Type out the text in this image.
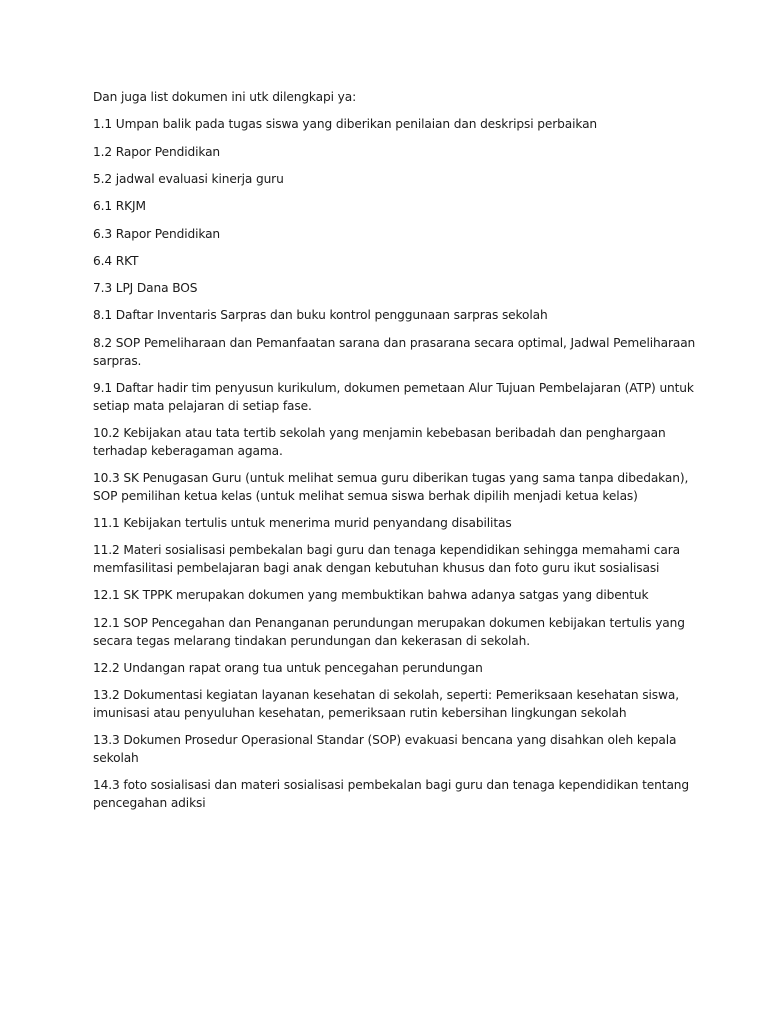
Dan juga list dokumen ini utk dilengkapi ya:
1.1 Umpan balik pada tugas siswa yang diberikan penilaian dan deskripsi perbaikan
1.2 Rapor Pendidikan
5.2 jadwal evaluasi kinerja guru
6.1 RKJM
6.3 Rapor Pendidikan
6.4 RKT
7.3 LPJ Dana BOS
8.1 Daftar Inventaris Sarpras dan buku kontrol penggunaan sarpras sekolah
8.2 SOP Pemeliharaan dan Pemanfaatan sarana dan prasarana secara optimal, Jadwal Pemeliharaan
sarpras.
9.1 Daftar hadir tim penyusun kurikulum, dokumen pemetaan Alur Tujuan Pembelajaran (ATP) untuk
setiap mata pelajaran di setiap fase.
10.2 Kebijakan atau tata tertib sekolah yang menjamin kebebasan beribadah dan penghargaan
terhadap keberagaman agama.
10.3 SK Penugasan Guru (untuk melihat semua guru diberikan tugas yang sama tanpa dibedakan),
SOP pemilihan ketua kelas (untuk melihat semua siswa berhak dipilih menjadi ketua kelas)
11.1 Kebijakan tertulis untuk menerima murid penyandang disabilitas
11.2 Materi sosialisasi pembekalan bagi guru dan tenaga kependidikan sehingga memahami cara
memfasilitasi pembelajaran bagi anak dengan kebutuhan khusus dan foto guru ikut sosialisasi
12.1 SK TPPK merupakan dokumen yang membuktikan bahwa adanya satgas yang dibentuk
12.1 SOP Pencegahan dan Penanganan perundungan merupakan dokumen kebijakan tertulis yang
secara tegas melarang tindakan perundungan dan kekerasan di sekolah.
12.2 Undangan rapat orang tua untuk pencegahan perundungan
13.2 Dokumentasi kegiatan layanan kesehatan di sekolah, seperti: Pemeriksaan kesehatan siswa,
imunisasi atau penyuluhan kesehatan, pemeriksaan rutin kebersihan lingkungan sekolah
13.3 Dokumen Prosedur Operasional Standar (SOP) evakuasi bencana yang disahkan oleh kepala
sekolah
14.3 foto sosialisasi dan materi sosialisasi pembekalan bagi guru dan tenaga kependidikan tentang
pencegahan adiksi
